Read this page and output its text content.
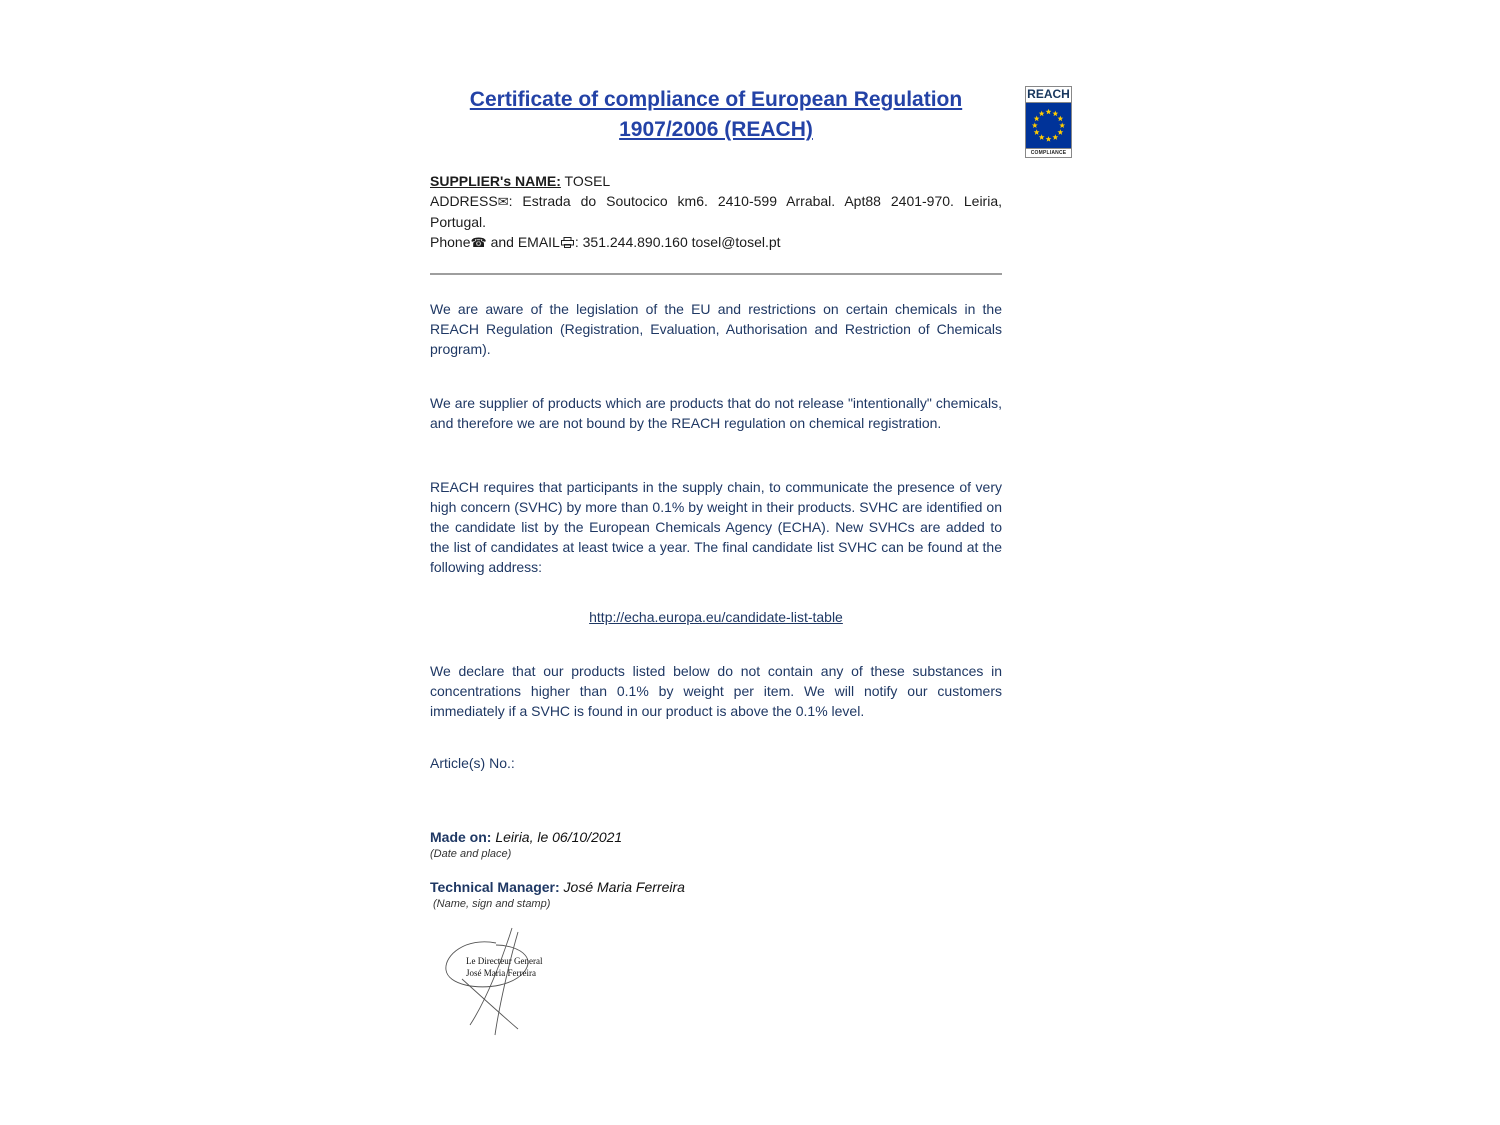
REACH
COMPLIANCE
Certificate of compliance of European Regulation
1907/2006 (REACH)

SUPPLIER's NAME: TOSEL

ADDRESS✉: Estrada do Soutocico km6. 2410-599 Arrabal. Apt88 2401-970. Leiria, Portugal.

Phone☎ and EMAIL : 351.244.890.160 tosel@tosel.pt

We are aware of the legislation of the EU and restrictions on certain chemicals in the REACH Regulation (Registration, Evaluation, Authorisation and Restriction of Chemicals program).

We are supplier of products which are products that do not release "intentionally" chemicals, and therefore we are not bound by the REACH regulation on chemical registration.

REACH requires that participants in the supply chain, to communicate the presence of very high concern (SVHC) by more than 0.1% by weight in their products. SVHC are identified on the candidate list by the European Chemicals Agency (ECHA). New SVHCs are added to the list of candidates at least twice a year. The final candidate list SVHC can be found at the following address:

http://echa.europa.eu/candidate-list-table

We declare that our products listed below do not contain any of these substances in concentrations higher than 0.1% by weight per item. We will notify our customers immediately if a SVHC is found in our product is above the 0.1% level.

Article(s) No.:

Made on: Leiria, le 06/10/2021

(Date and place)

Technical Manager: José Maria Ferreira

(Name, sign and stamp)

Le Directeur General
José Maria Ferreira
